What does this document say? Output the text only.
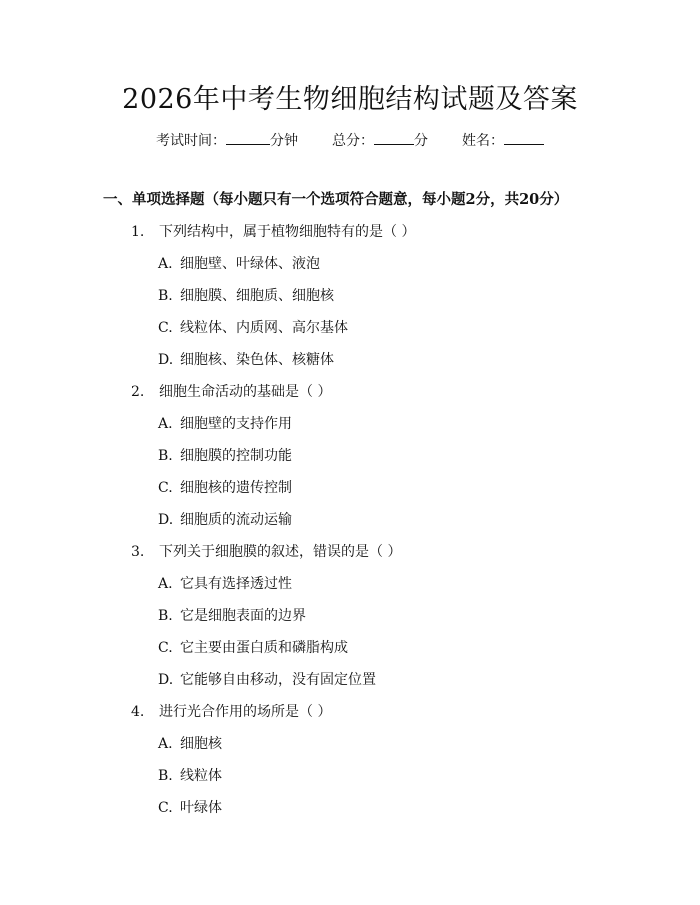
2026年中考生物细胞结构试题及答案
考试时间：	分钟 总分：	分 姓名：
一、单项选择题（每小题只有一个选项符合题意，每小题2分，共20分）
1.	下列结构中，属于植物细胞特有的是（ ）
A. 细胞壁、叶绿体、液泡
B. 细胞膜、细胞质、细胞核
C. 线粒体、内质网、高尔基体
D. 细胞核、染色体、核糖体
2.	细胞生命活动的基础是（ ）
A. 细胞壁的支持作用
B. 细胞膜的控制功能
C. 细胞核的遗传控制
D. 细胞质的流动运输
3.	下列关于细胞膜的叙述，错误的是（ ）
A. 它具有选择透过性
B. 它是细胞表面的边界
C. 它主要由蛋白质和磷脂构成
D. 它能够自由移动，没有固定位置
4.	进行光合作用的场所是（ ）
A. 细胞核
B. 线粒体
C. 叶绿体
